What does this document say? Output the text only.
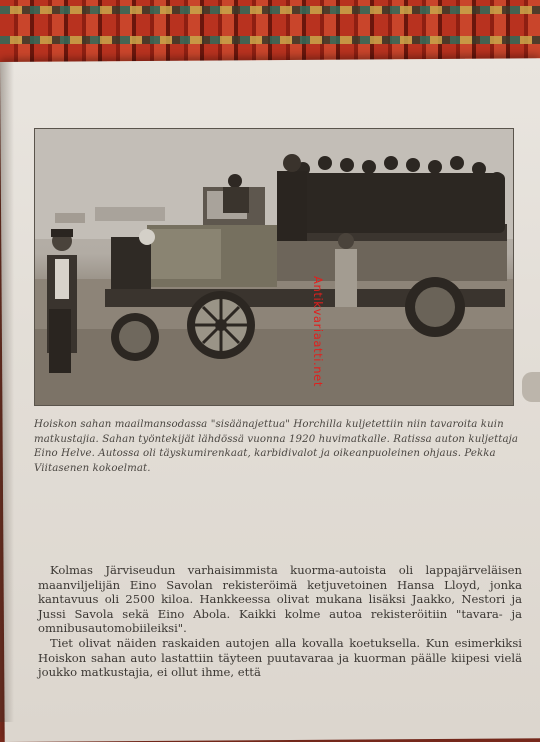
Hoiskon sahan maailmansodassa "sisäänajettua" Horchilla kuljetettiin niin tavaroita kuin matkustajia. Sahan työntekijät lähdössä vuonna 1920 huvimatkalle. Ratissa auton kuljettaja Eino Helve. Autossa oli täyskumirenkaat, karbidivalot ja oikeanpuoleinen ohjaus. Pekka Viitasenen kokoelmat.

Kolmas Järviseudun varhaisimmista kuorma-autoista oli lappajärveläisen maanviljelijän Eino Savolan rekisteröimä ketjuvetoinen Hansa Lloyd, jonka kantavuus oli 2500 kiloa. Hankkeessa olivat mukana lisäksi Jaakko, Nestori ja Jussi Savola sekä Eino Abola. Kaikki kolme autoa rekisteröitiin "tavara- ja omnibusautomobiileiksi".

Tiet olivat näiden raskaiden autojen alla kovalla koetuksella. Kun esimerkiksi Hoiskon sahan auto lastattiin täyteen puutavaraa ja kuorman päälle kiipesi vielä joukko matkustajia, ei ollut ihme, että

Antikvariaatti.net
